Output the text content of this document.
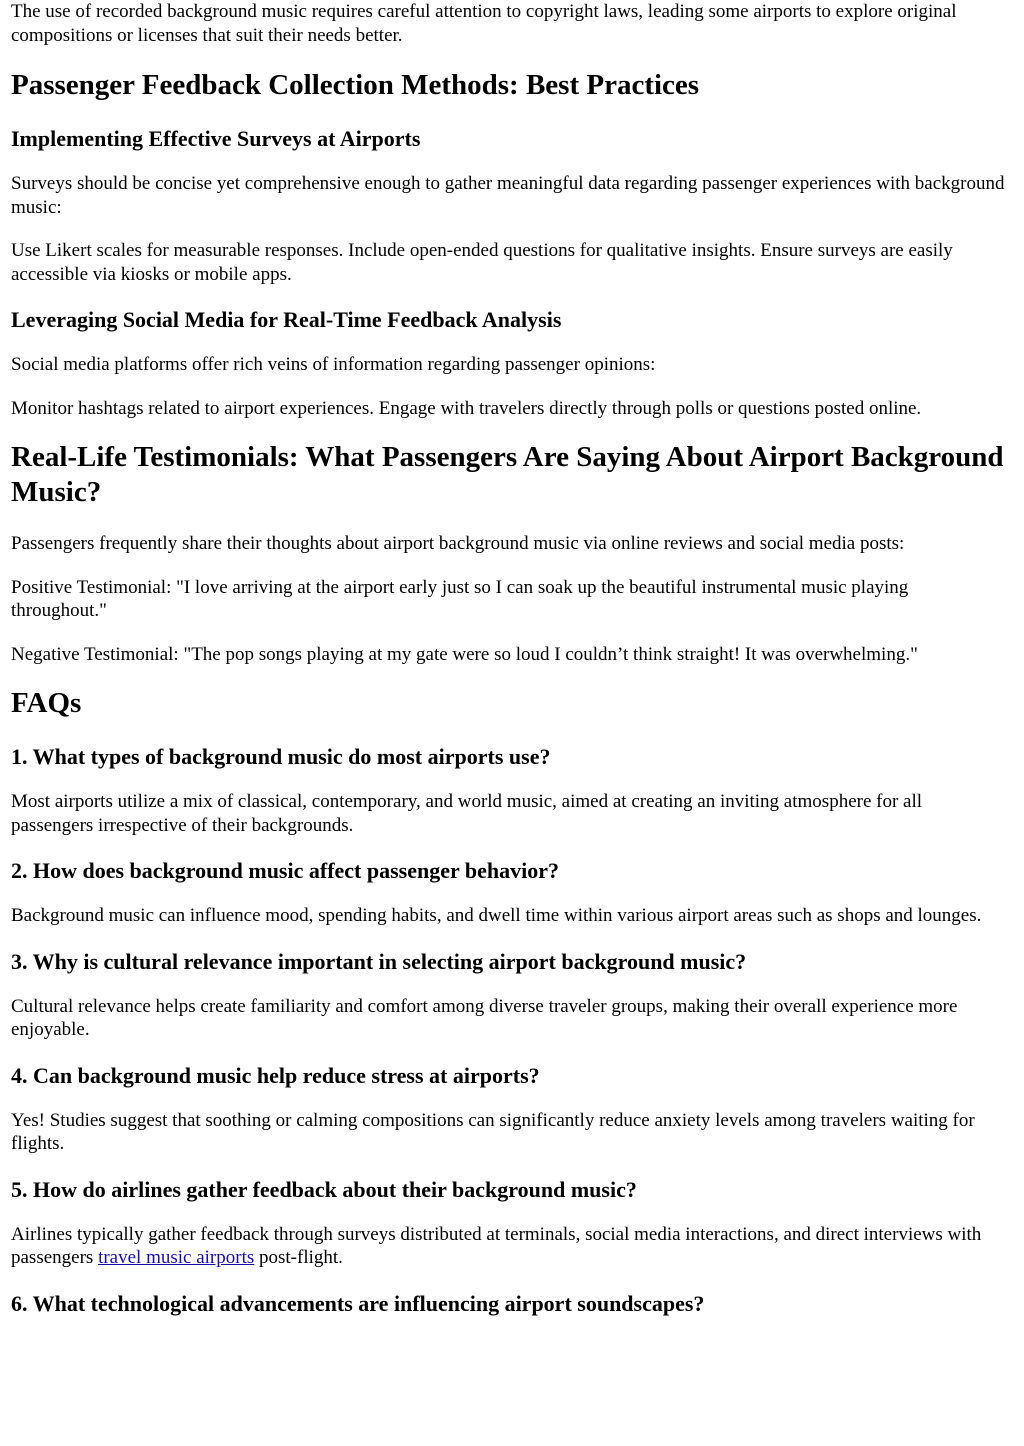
The use of recorded background music requires careful attention to copyright laws, leading some airports to explore original compositions or licenses that suit their needs better.

Passenger Feedback Collection Methods: Best Practices
Implementing Effective Surveys at Airports

Surveys should be concise yet comprehensive enough to gather meaningful data regarding passenger experiences with background music:

Use Likert scales for measurable responses. Include open-ended questions for qualitative insights. Ensure surveys are easily accessible via kiosks or mobile apps.

Leveraging Social Media for Real-Time Feedback Analysis

Social media platforms offer rich veins of information regarding passenger opinions:

Monitor hashtags related to airport experiences. Engage with travelers directly through polls or questions posted online.

Real-Life Testimonials: What Passengers Are Saying About Airport Background Music?

Passengers frequently share their thoughts about airport background music via online reviews and social media posts:

Positive Testimonial: "I love arriving at the airport early just so I can soak up the beautiful instrumental music playing throughout."

Negative Testimonial: "The pop songs playing at my gate were so loud I couldn’t think straight! It was overwhelming."

FAQs
1. What types of background music do most airports use?

Most airports utilize a mix of classical, contemporary, and world music, aimed at creating an inviting atmosphere for all passengers irrespective of their backgrounds.

2. How does background music affect passenger behavior?

Background music can influence mood, spending habits, and dwell time within various airport areas such as shops and lounges.

3. Why is cultural relevance important in selecting airport background music?

Cultural relevance helps create familiarity and comfort among diverse traveler groups, making their overall experience more enjoyable.

4. Can background music help reduce stress at airports?

Yes! Studies suggest that soothing or calming compositions can significantly reduce anxiety levels among travelers waiting for flights.

5. How do airlines gather feedback about their background music?

Airlines typically gather feedback through surveys distributed at terminals, social media interactions, and direct interviews with passengers travel music airports post-flight.

6. What technological advancements are influencing airport soundscapes?
